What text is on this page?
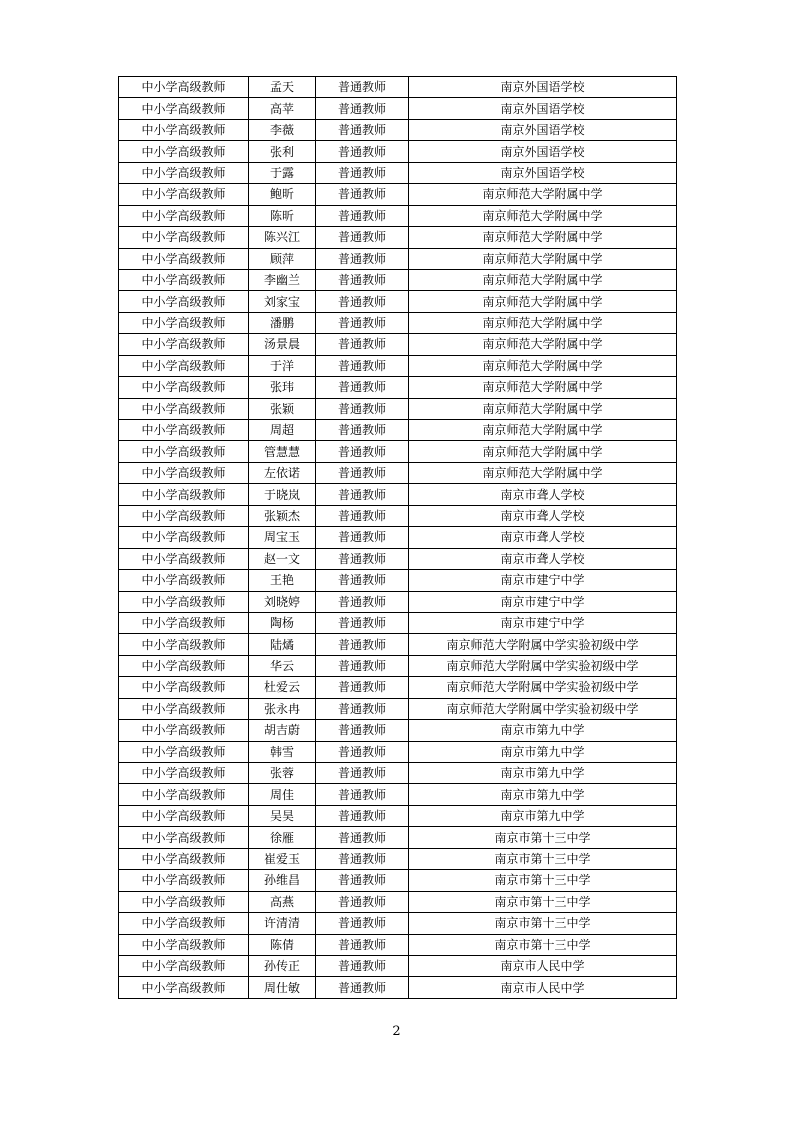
中小学高级教师	孟天	普通教师	南京外国语学校
中小学高级教师	高苹	普通教师	南京外国语学校
中小学高级教师	李薇	普通教师	南京外国语学校
中小学高级教师	张利	普通教师	南京外国语学校
中小学高级教师	于露	普通教师	南京外国语学校
中小学高级教师	鲍昕	普通教师	南京师范大学附属中学
中小学高级教师	陈昕	普通教师	南京师范大学附属中学
中小学高级教师	陈兴江	普通教师	南京师范大学附属中学
中小学高级教师	顾萍	普通教师	南京师范大学附属中学
中小学高级教师	李幽兰	普通教师	南京师范大学附属中学
中小学高级教师	刘家宝	普通教师	南京师范大学附属中学
中小学高级教师	潘鹏	普通教师	南京师范大学附属中学
中小学高级教师	汤景晨	普通教师	南京师范大学附属中学
中小学高级教师	于洋	普通教师	南京师范大学附属中学
中小学高级教师	张玮	普通教师	南京师范大学附属中学
中小学高级教师	张颖	普通教师	南京师范大学附属中学
中小学高级教师	周超	普通教师	南京师范大学附属中学
中小学高级教师	管慧慧	普通教师	南京师范大学附属中学
中小学高级教师	左依诺	普通教师	南京师范大学附属中学
中小学高级教师	于晓岚	普通教师	南京市聋人学校
中小学高级教师	张颖杰	普通教师	南京市聋人学校
中小学高级教师	周宝玉	普通教师	南京市聋人学校
中小学高级教师	赵一文	普通教师	南京市聋人学校
中小学高级教师	王艳	普通教师	南京市建宁中学
中小学高级教师	刘晓婷	普通教师	南京市建宁中学
中小学高级教师	陶杨	普通教师	南京市建宁中学
中小学高级教师	陆燏	普通教师	南京师范大学附属中学实验初级中学
中小学高级教师	华云	普通教师	南京师范大学附属中学实验初级中学
中小学高级教师	杜爱云	普通教师	南京师范大学附属中学实验初级中学
中小学高级教师	张永冉	普通教师	南京师范大学附属中学实验初级中学
中小学高级教师	胡吉蔚	普通教师	南京市第九中学
中小学高级教师	韩雪	普通教师	南京市第九中学
中小学高级教师	张蓉	普通教师	南京市第九中学
中小学高级教师	周佳	普通教师	南京市第九中学
中小学高级教师	吴昊	普通教师	南京市第九中学
中小学高级教师	徐雁	普通教师	南京市第十三中学
中小学高级教师	崔爱玉	普通教师	南京市第十三中学
中小学高级教师	孙维昌	普通教师	南京市第十三中学
中小学高级教师	高燕	普通教师	南京市第十三中学
中小学高级教师	许清清	普通教师	南京市第十三中学
中小学高级教师	陈倩	普通教师	南京市第十三中学
中小学高级教师	孙传正	普通教师	南京市人民中学
中小学高级教师	周仕敏	普通教师	南京市人民中学
2
